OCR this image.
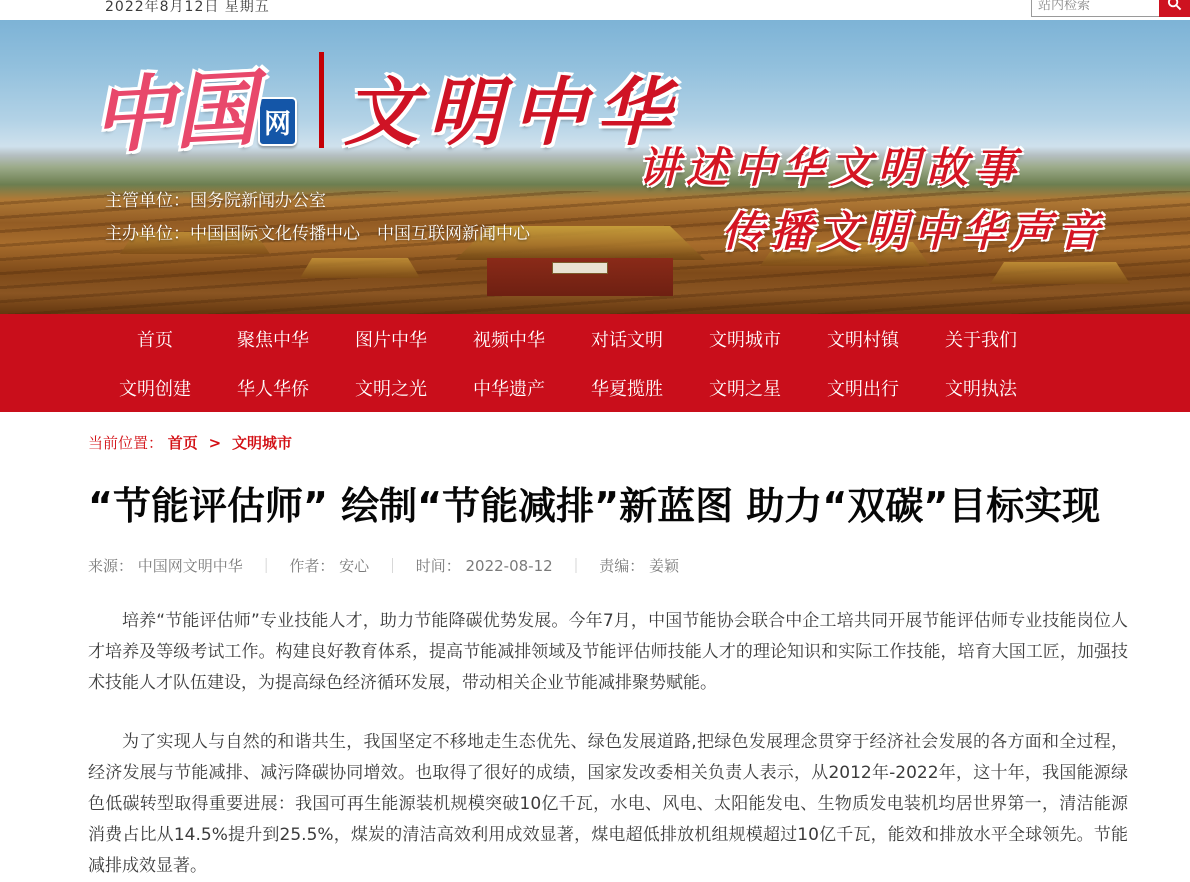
2022年8月12日 星期五
站内检索
中国 网 文明中华
主管单位：国务院新闻办公室
主办单位：中国国际文化传播中心　中国互联网新闻中心
讲述中华文明故事
传播文明中华声音
首页	聚焦中华	图片中华	视频中华	对话文明	文明城市	文明村镇	关于我们
文明创建	华人华侨	文明之光	中华遗产	华夏揽胜	文明之星	文明出行	文明执法
当前位置： 首页 > 文明城市
“节能评估师” 绘制“节能减排”新蓝图 助力“双碳”目标实现
来源： 中国网文明中华 ｜ 作者： 安心 ｜ 时间： 2022-08-12 ｜ 责编： 姜颖

培养“节能评估师”专业技能人才，助力节能降碳优势发展。今年7月，中国节能协会联合中企工培共同开展节能评估师专业技能岗位人才培养及等级考试工作。构建良好教育体系，提高节能减排领域及节能评估师技能人才的理论知识和实际工作技能，培育大国工匠，加强技术技能人才队伍建设，为提高绿色经济循环发展，带动相关企业节能减排聚势赋能。

为了实现人与自然的和谐共生，我国坚定不移地走生态优先、绿色发展道路,把绿色发展理念贯穿于经济社会发展的各方面和全过程，经济发展与节能减排、减污降碳协同增效。也取得了很好的成绩，国家发改委相关负责人表示，从2012年-2022年，这十年，我国能源绿色低碳转型取得重要进展：我国可再生能源装机规模突破10亿千瓦，水电、风电、太阳能发电、生物质发电装机均居世界第一，清洁能源消费占比从14.5%提升到25.5%，煤炭的清洁高效利用成效显著，煤电超低排放机组规模超过10亿千瓦，能效和排放水平全球领先。节能减排成效显著。
